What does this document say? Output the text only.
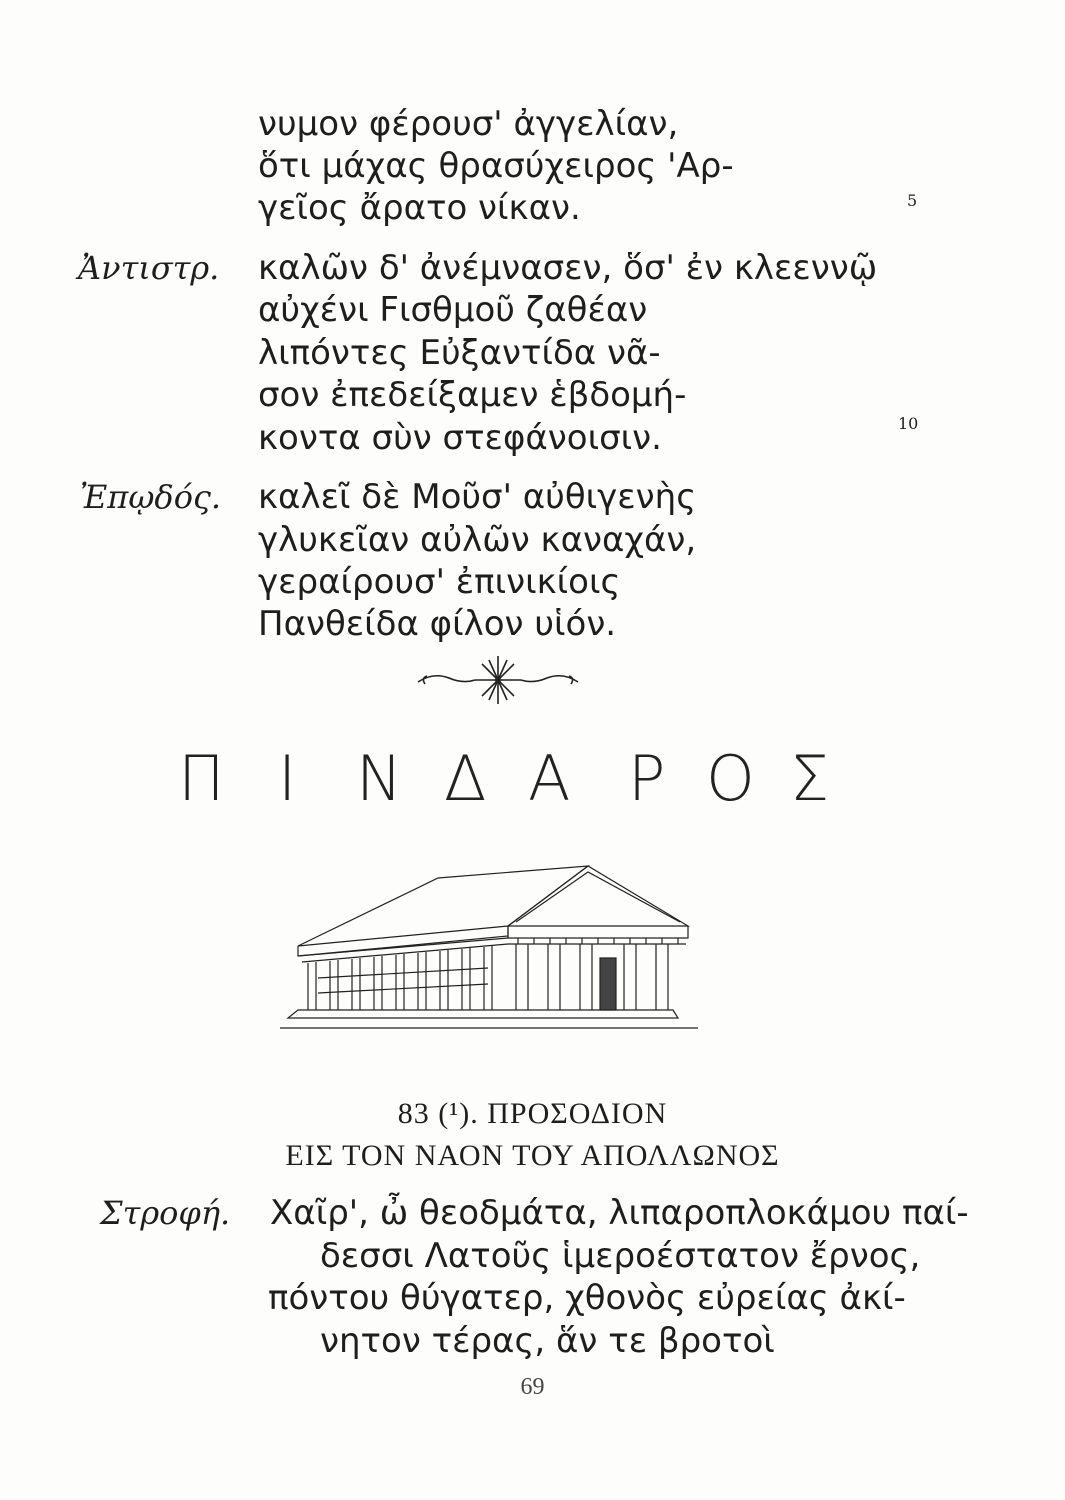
νυμον φέρουσ' ἀγγελίαν,
ὅτι μάχας θρασύχειρος 'Αρ-
γεῖος ἄρατο νίκαν.	5
Ἀντιστρ. καλῶν δ' ἀνέμνασεν, ὅσ' ἐν κλεεννῷ
αὐχένι Fισθμοῦ ζαθέαν
λιπόντες Εὐξαντίδα νᾶ-
σον ἐπεδείξαμεν ἑβδομή-
κοντα σὺν στεφάνοισιν.	10
Ἐπῳδός. καλεῖ δὲ Μοῦσ' αὐθιγενὴς
γλυκεῖαν αὐλῶν καναχάν,
γεραίρουσ' ἐπινικίοις
Πανθείδα φίλον υἱόν.
Π Ι Ν Δ Α Ρ Ο Σ
83 (¹). ΠΡΟΣΟΔΙΟΝ
ΕΙΣ ΤΟΝ ΝΑΟΝ ΤΟΥ ΑΠΟΛΛΩΝΟΣ
Στροφή. Χαῖρ', ὦ θεοδμάτα, λιπαροπλοκάμου παί-
δεσσι Λατοῦς ἱμεροέστατον ἔρνος,
πόντου θύγατερ, χθονὸς εὐρείας ἀκί-
νητον τέρας, ἅν τε βροτοὶ
69
